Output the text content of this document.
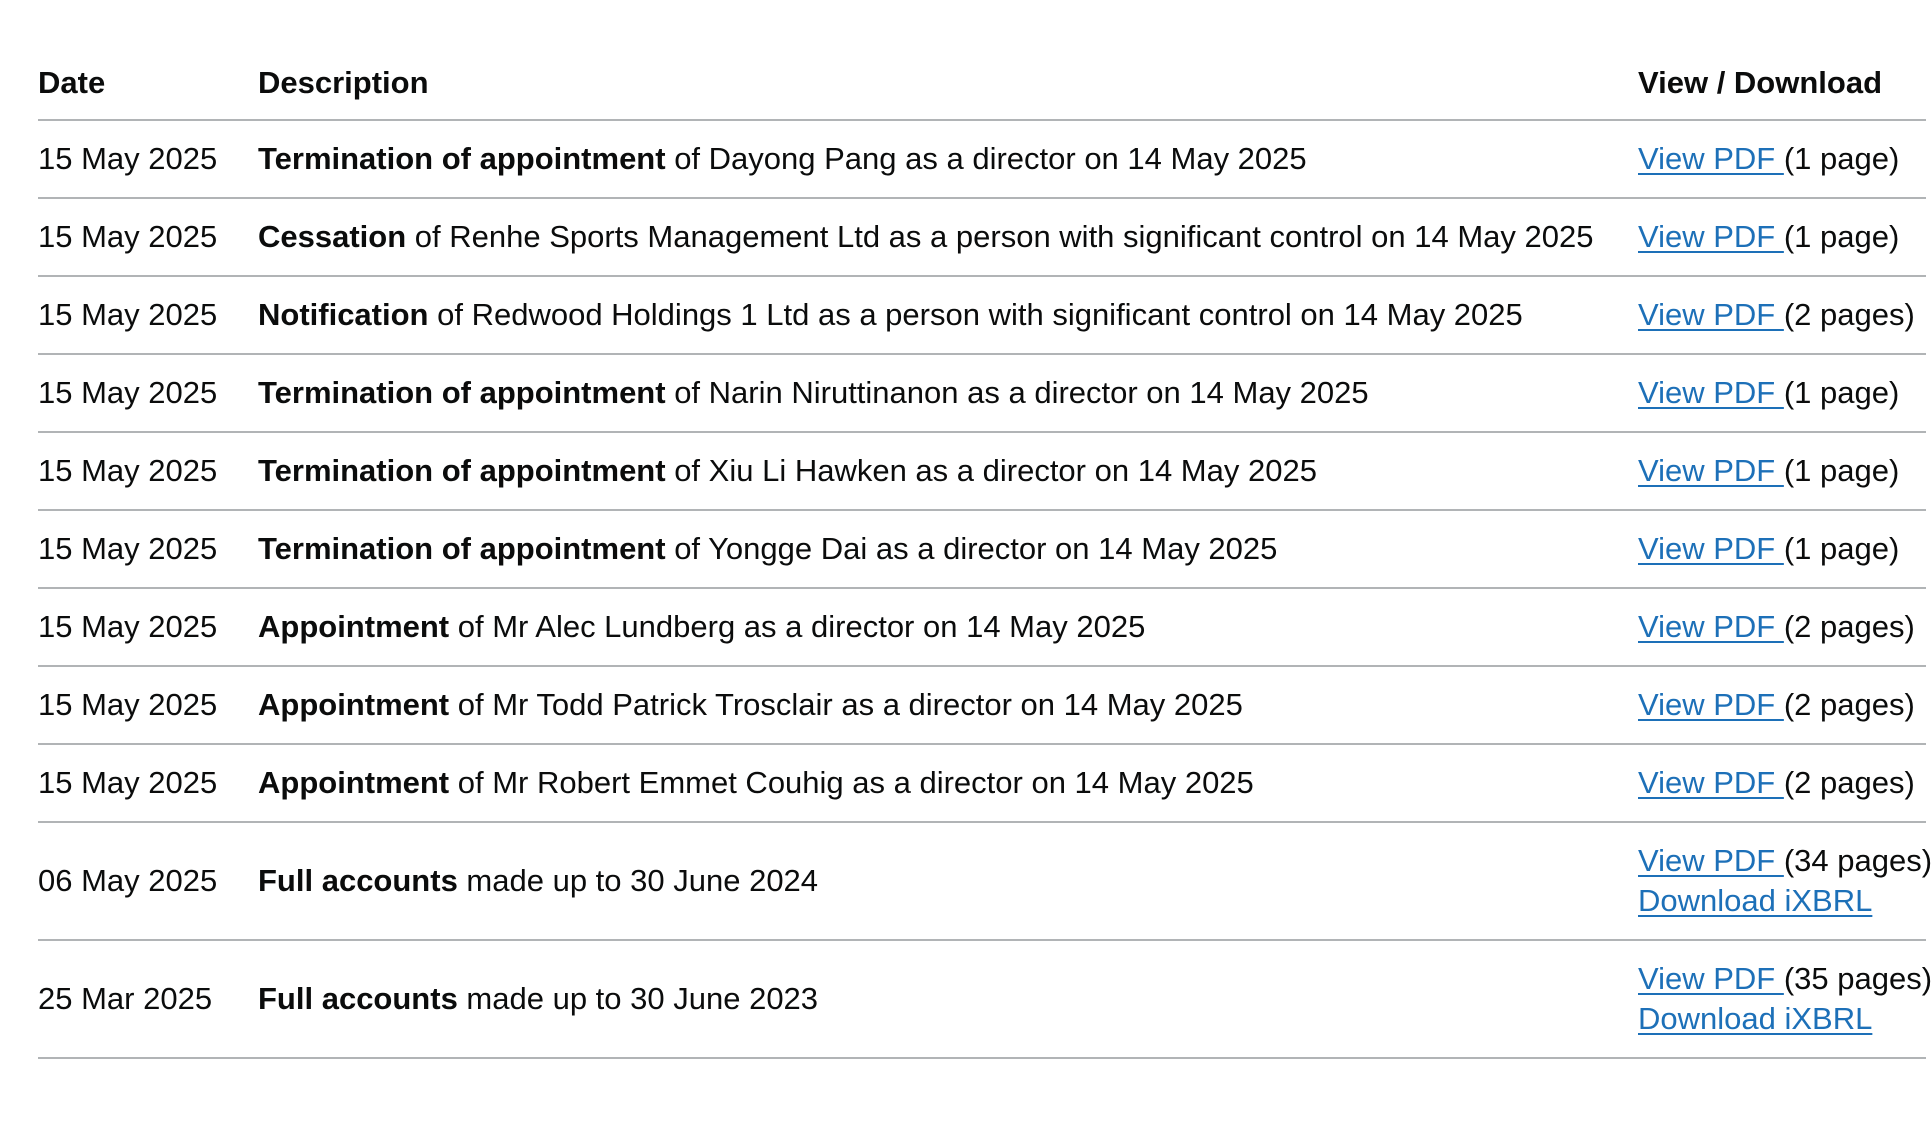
Date	Description	View / Download
15 May 2025	Termination of appointment of Dayong Pang as a director on 14 May 2025	View PDF (1 page)

15 May 2025	Cessation of Renhe Sports Management Ltd as a person with significant control on 14 May 2025	View PDF (1 page)

15 May 2025	Notification of Redwood Holdings 1 Ltd as a person with significant control on 14 May 2025	View PDF (2 pages)

15 May 2025	Termination of appointment of Narin Niruttinanon as a director on 14 May 2025	View PDF (1 page)

15 May 2025	Termination of appointment of Xiu Li Hawken as a director on 14 May 2025	View PDF (1 page)

15 May 2025	Termination of appointment of Yongge Dai as a director on 14 May 2025	View PDF (1 page)

15 May 2025	Appointment of Mr Alec Lundberg as a director on 14 May 2025	View PDF (2 pages)

15 May 2025	Appointment of Mr Todd Patrick Trosclair as a director on 14 May 2025	View PDF (2 pages)

15 May 2025	Appointment of Mr Robert Emmet Couhig as a director on 14 May 2025	View PDF (2 pages)

06 May 2025	Full accounts made up to 30 June 2024	View PDF (34 pages)
Download iXBRL

25 Mar 2025	Full accounts made up to 30 June 2023	View PDF (35 pages)
Download iXBRL
